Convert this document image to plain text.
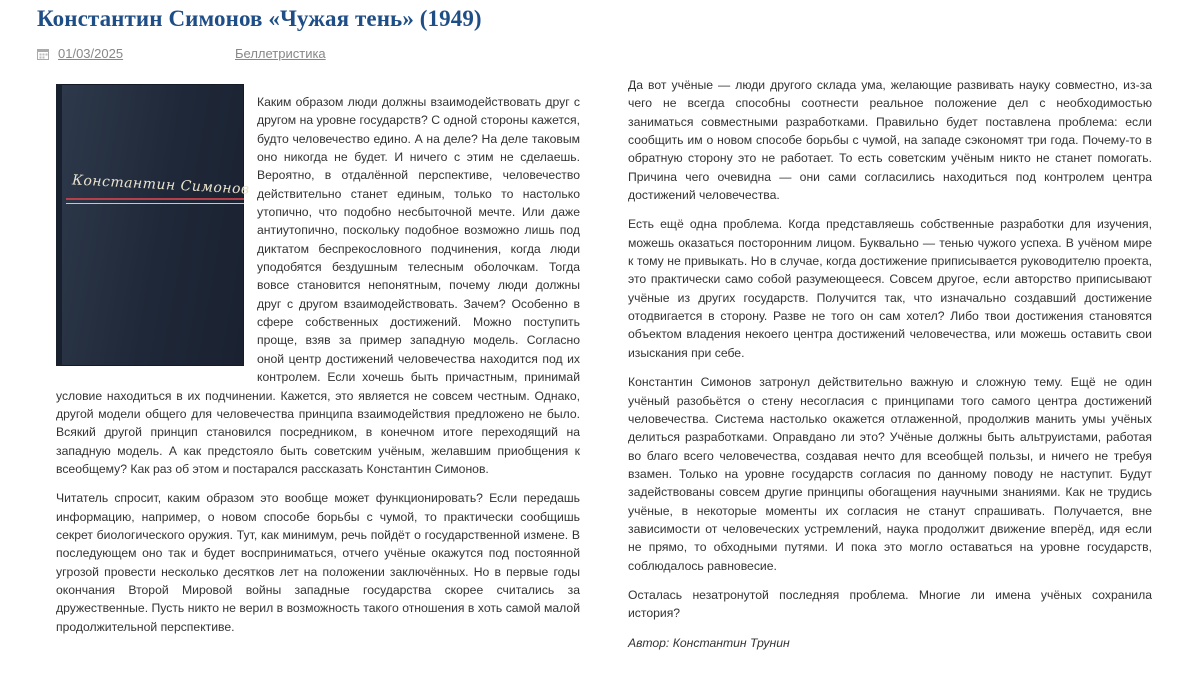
Константин Симонов «Чужая тень» (1949)
01/03/2025	Беллетристика
Константин Симонов

Каким образом люди должны взаимодействовать друг с другом на уровне государств? С одной стороны кажется, будто человечество едино. А на деле? На деле таковым оно никогда не будет. И ничего с этим не сделаешь. Вероятно, в отдалённой перспективе, человечество действительно станет единым, только то настолько утопично, что подобно несбыточной мечте. Или даже антиутопично, поскольку подобное возможно лишь под диктатом беспрекословного подчинения, когда люди уподобятся бездушным телесным оболочкам. Тогда вовсе становится непонятным, почему люди должны друг с другом взаимодействовать. Зачем? Особенно в сфере собственных достижений. Можно поступить проще, взяв за пример западную модель. Согласно оной центр достижений человечества находится под их контролем. Если хочешь быть причастным, принимай условие находиться в их подчинении. Кажется, это является не совсем честным. Однако, другой модели общего для человечества принципа взаимодействия предложено не было. Всякий другой принцип становился посредником, в конечном итоге переходящий на западную модель. А как предстояло быть советским учёным, желавшим приобщения к всеобщему? Как раз об этом и постарался рассказать Константин Симонов.

Читатель спросит, каким образом это вообще может функционировать? Если передашь информацию, например, о новом способе борьбы с чумой, то практически сообщишь секрет биологического оружия. Тут, как минимум, речь пойдёт о государственной измене. В последующем оно так и будет восприниматься, отчего учёные окажутся под постоянной угрозой провести несколько десятков лет на положении заключённых. Но в первые годы окончания Второй Мировой войны западные государства скорее считались за дружественные. Пусть никто не верил в возможность такого отношения в хоть самой малой продолжительной перспективе.

Да вот учёные — люди другого склада ума, желающие развивать науку совместно, из-за чего не всегда способны соотнести реальное положение дел с необходимостью заниматься совместными разработками. Правильно будет поставлена проблема: если сообщить им о новом способе борьбы с чумой, на западе сэкономят три года. Почему-то в обратную сторону это не работает. То есть советским учёным никто не станет помогать. Причина чего очевидна — они сами согласились находиться под контролем центра достижений человечества.

Есть ещё одна проблема. Когда представляешь собственные разработки для изучения, можешь оказаться посторонним лицом. Буквально — тенью чужого успеха. В учёном мире к тому не привыкать. Но в случае, когда достижение приписывается руководителю проекта, это практически само собой разумеющееся. Совсем другое, если авторство приписывают учёные из других государств. Получится так, что изначально создавший достижение отодвигается в сторону. Разве не того он сам хотел? Либо твои достижения становятся объектом владения некоего центра достижений человечества, или можешь оставить свои изыскания при себе.

Константин Симонов затронул действительно важную и сложную тему. Ещё не один учёный разобьётся о стену несогласия с принципами того самого центра достижений человечества. Система настолько окажется отлаженной, продолжив манить умы учёных делиться разработками. Оправдано ли это? Учёные должны быть альтруистами, работая во благо всего человечества, создавая нечто для всеобщей пользы, и ничего не требуя взамен. Только на уровне государств согласия по данному поводу не наступит. Будут задействованы совсем другие принципы обогащения научными знаниями. Как не трудись учёные, в некоторые моменты их согласия не станут спрашивать. Получается, вне зависимости от человеческих устремлений, наука продолжит движение вперёд, идя если не прямо, то обходными путями. И пока это могло оставаться на уровне государств, соблюдалось равновесие.

Осталась незатронутой последняя проблема. Многие ли имена учёных сохранила история?

Автор: Константин Трунин
